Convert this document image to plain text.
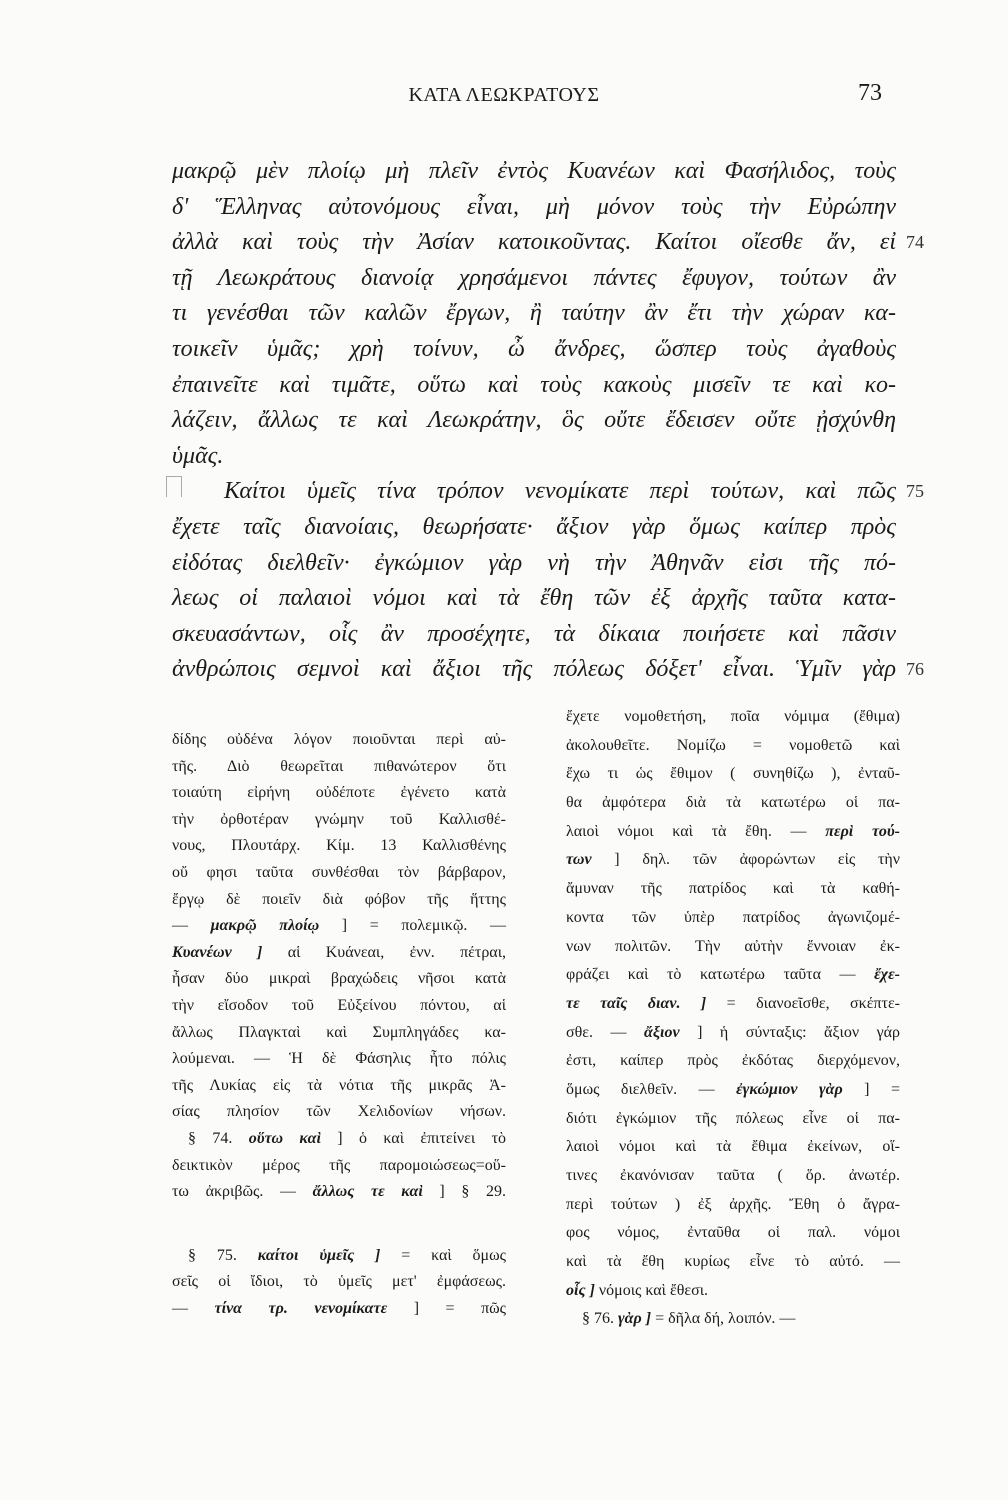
ΚΑΤΑ ΛΕΩΚΡΑΤΟΥΣ	73
μακρῷ μὲν πλοίῳ μὴ πλεῖν ἐντὸς Κυανέων καὶ Φασήλιδος, τοὺς
δ' Ἕλληνας αὐτονόμους εἶναι, μὴ μόνον τοὺς τὴν Εὐρώπην
ἀλλὰ καὶ τοὺς τὴν Ἀσίαν κατοικοῦντας. Καίτοι οἴεσθε ἄν, εἰ 74
τῇ Λεωκράτους διανοίᾳ χρησάμενοι πάντες ἔφυγον, τούτων ἂν
τι γενέσθαι τῶν καλῶν ἔργων, ἢ ταύτην ἂν ἔτι τὴν χώραν κα-
τοικεῖν ὑμᾶς; χρὴ τοίνυν, ὦ ἄνδρες, ὥσπερ τοὺς ἀγαθοὺς
ἐπαινεῖτε καὶ τιμᾶτε, οὕτω καὶ τοὺς κακοὺς μισεῖν τε καὶ κο-
λάζειν, ἄλλως τε καὶ Λεωκράτην, ὃς οὔτε ἔδεισεν οὔτε ᾐσχύνθη
ὑμᾶς.
Καίτοι ὑμεῖς τίνα τρόπον νενομίκατε περὶ τούτων, καὶ πῶς 75
ἔχετε ταῖς διανοίαις, θεωρήσατε· ἄξιον γὰρ ὅμως καίπερ πρὸς
εἰδότας διελθεῖν· ἐγκώμιον γὰρ νὴ τὴν Ἀθηνᾶν εἰσι τῆς πό-
λεως οἱ παλαιοὶ νόμοι καὶ τὰ ἔθη τῶν ἐξ ἀρχῆς ταῦτα κατα-
σκευασάντων, οἷς ἂν προσέχητε, τὰ δίκαια ποιήσετε καὶ πᾶσιν
ἀνθρώποις σεμνοὶ καὶ ἄξιοι τῆς πόλεως δόξετ' εἶναι. Ὑμῖν γὰρ 76
δίδης οὐδένα λόγον ποιοῦνται περὶ αὐ-
τῆς. Διὸ θεωρεῖται πιθανώτερον ὅτι
τοιαύτη εἰρήνη οὐδέποτε ἐγένετο κατὰ
τὴν ὀρθοτέραν γνώμην τοῦ Καλλισθέ-
νους, Πλουτάρχ. Κίμ. 13 Καλλισθένης
οὔ φησι ταῦτα συνθέσθαι τὸν βάρβαρον,
ἔργῳ δὲ ποιεῖν διὰ φόβον τῆς ἥττης
— μακρῷ πλοίῳ ] = πολεμικῷ. —
Κυανέων ] αἱ Κυάνεαι, ἐνν. πέτραι,
ἦσαν δύο μικραὶ βραχώδεις νῆσοι κατὰ
τὴν εἴσοδον τοῦ Εὐξείνου πόντου, αἱ
ἄλλως Πλαγκταὶ καὶ Συμπληγάδες κα-
λούμεναι. — Ἡ δὲ Φάσηλις ἦτο πόλις
τῆς Λυκίας εἰς τὰ νότια τῆς μικρᾶς Ἀ-
σίας πλησίον τῶν Χελιδονίων νήσων.
§ 74. οὕτω καὶ ] ὁ καὶ ἐπιτείνει τὸ
δεικτικὸν μέρος τῆς παρομοιώσεως=οὕ-
τω ἀκριβῶς. — ἄλλως τε καὶ ] § 29.
§ 75. καίτοι ὑμεῖς ] = καὶ ὅμως
σεῖς οἱ ἴδιοι, τὸ ὑμεῖς μετ' ἐμφάσεως.
— τίνα τρ. νενομίκατε ] = πῶς
ἔχετε νομοθετήση, ποῖα νόμιμα (ἔθιμα)
ἀκολουθεῖτε. Νομίζω = νομοθετῶ καὶ
ἔχω τι ὡς ἔθιμον ( συνηθίζω ), ἐνταῦ-
θα ἀμφότερα διὰ τὰ κατωτέρω οἱ πα-
λαιοὶ νόμοι καὶ τὰ ἔθη. — περὶ τού-
των ] δηλ. τῶν ἀφορώντων εἰς τὴν
ἄμυναν τῆς πατρίδος καὶ τὰ καθή-
κοντα τῶν ὑπὲρ πατρίδος ἀγωνιζομέ-
νων πολιτῶν. Τὴν αὐτὴν ἔννοιαν ἐκ-
φράζει καὶ τὸ κατωτέρω ταῦτα — ἔχε-
τε ταῖς διαν. ] = διανοεῖσθε, σκέπτε-
σθε. — ἄξιον ] ἡ σύνταξις: ἄξιον γάρ
ἐστι, καίπερ πρὸς ἐκδότας διερχόμενον,
ὅμως διελθεῖν. — ἐγκώμιον γὰρ ] =
διότι ἐγκώμιον τῆς πόλεως εἶνε οἱ πα-
λαιοὶ νόμοι καὶ τὰ ἔθιμα ἐκείνων, οἵ-
τινες ἐκανόνισαν ταῦτα ( ὅρ. ἀνωτέρ.
περὶ τούτων ) ἐξ ἀρχῆς. Ἔθη ὁ ἄγρα-
φος νόμος, ἐνταῦθα οἱ παλ. νόμοι
καὶ τὰ ἔθη κυρίως εἶνε τὸ αὐτό. —
οἷς ] νόμοις καὶ ἔθεσι.
§ 76. γὰρ ] = δῆλα δή, λοιπόν. —
